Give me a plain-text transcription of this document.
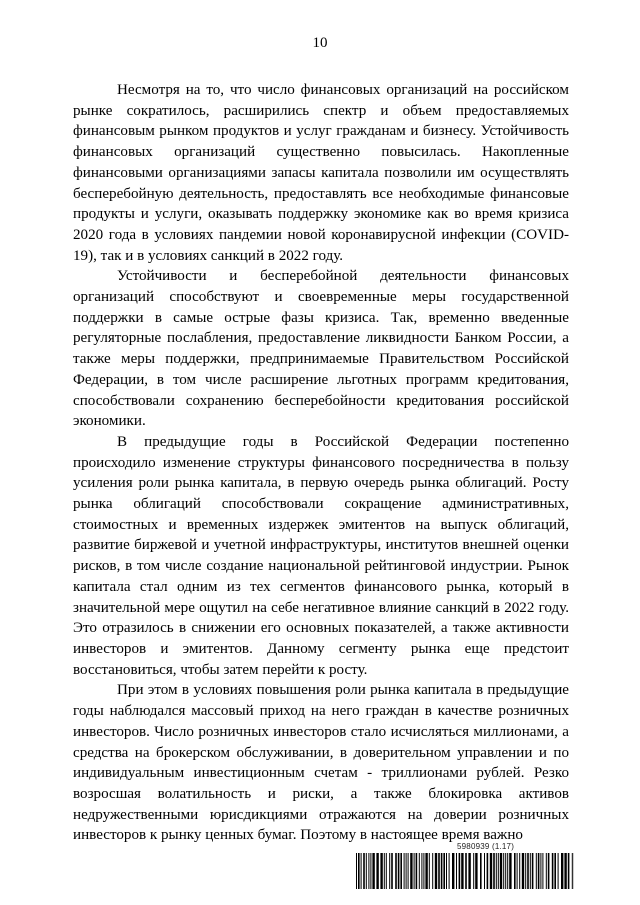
10

Несмотря на то, что число финансовых организаций на российском рынке сократилось, расширились спектр и объем предоставляемых финансовым рынком продуктов и услуг гражданам и бизнесу. Устойчивость финансовых организаций существенно повысилась. Накопленные финансовыми организациями запасы капитала позволили им осуществлять бесперебойную деятельность, предоставлять все необходимые финансовые продукты и услуги, оказывать поддержку экономике как во время кризиса 2020 года в условиях пандемии новой коронавирусной инфекции (COVID-19), так и в условиях санкций в 2022 году.

Устойчивости и бесперебойной деятельности финансовых организаций способствуют и своевременные меры государственной поддержки в самые острые фазы кризиса. Так, временно введенные регуляторные послабления, предоставление ликвидности Банком России, а также меры поддержки, предпринимаемые Правительством Российской Федерации, в том числе расширение льготных программ кредитования, способствовали сохранению бесперебойности кредитования российской экономики.

В предыдущие годы в Российской Федерации постепенно происходило изменение структуры финансового посредничества в пользу усиления роли рынка капитала, в первую очередь рынка облигаций. Росту рынка облигаций способствовали сокращение административных, стоимостных и временных издержек эмитентов на выпуск облигаций, развитие биржевой и учетной инфраструктуры, институтов внешней оценки рисков, в том числе создание национальной рейтинговой индустрии. Рынок капитала стал одним из тех сегментов финансового рынка, который в значительной мере ощутил на себе негативное влияние санкций в 2022 году. Это отразилось в снижении его основных показателей, а также активности инвесторов и эмитентов. Данному сегменту рынка еще предстоит восстановиться, чтобы затем перейти к росту.

При этом в условиях повышения роли рынка капитала в предыдущие годы наблюдался массовый приход на него граждан в качестве розничных инвесторов. Число розничных инвесторов стало исчисляться миллионами, а средства на брокерском обслуживании, в доверительном управлении и по индивидуальным инвестиционным счетам - триллионами рублей. Резко возросшая волатильность и риски, а также блокировка активов недружественными юрисдикциями отражаются на доверии розничных инвесторов к рынку ценных бумаг. Поэтому в настоящее время важно

5980939 (1.17)
